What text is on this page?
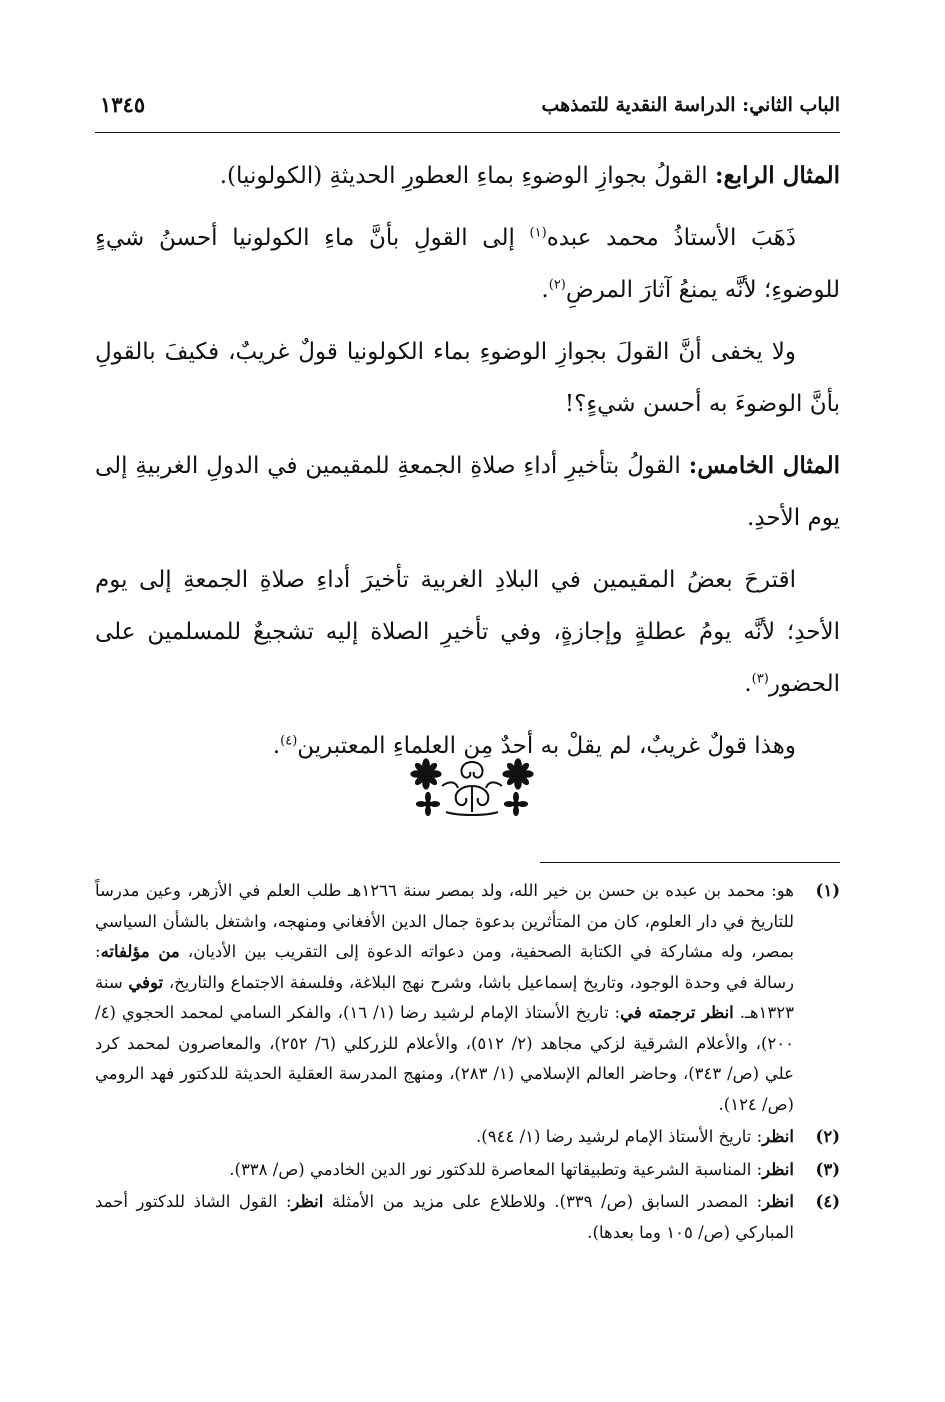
الباب الثاني: الدراسة النقدية للتمذهب
١٣٤٥

المثال الرابع: القولُ بجوازِ الوضوءِ بماءِ العطورِ الحديثةِ (الكولونيا).

ذَهَبَ الأستاذُ محمد عبده$^{(١)}$ إلى القولِ بأنَّ ماءِ الكولونيا أحسنُ شيءٍ للوضوءِ؛ لأنَّه يمنعُ آثارَ المرضِ$^{(٢)}$.

ولا يخفى أنَّ القولَ بجوازِ الوضوءِ بماء الكولونيا قولٌ غريبٌ، فكيفَ بالقولِ بأنَّ الوضوءَ به أحسن شيءٍ؟!

المثال الخامس: القولُ بتأخيرِ أداءِ صلاةِ الجمعةِ للمقيمين في الدولِ الغربيةِ إلى يوم الأحدِ.

اقترحَ بعضُ المقيمين في البلادِ الغربية تأخيرَ أداءِ صلاةِ الجمعةِ إلى يوم الأحدِ؛ لأنَّه يومُ عطلةٍ وإجازةٍ، وفي تأخيرِ الصلاة إليه تشجيعٌ للمسلمين على الحضور$^{(٣)}$.

وهذا قولٌ غريبٌ، لم يقلْ به أحدٌ مِن العلماءِ المعتبرين$^{(٤)}$.

(١)
هو: محمد بن عبده بن حسن بن خير الله، ولد بمصر سنة ١٢٦٦هـ طلب العلم في الأزهر، وعين مدرساً للتاريخ في دار العلوم، كان من المتأثرين بدعوة جمال الدين الأفغاني ومنهجه، واشتغل بالشأن السياسي بمصر، وله مشاركة في الكتابة الصحفية، ومن دعواته الدعوة إلى التقريب بين الأديان، من مؤلفاته: رسالة في وحدة الوجود، وتاريخ إسماعيل باشا، وشرح نهج البلاغة، وفلسفة الاجتماع والتاريخ، توفي سنة ١٣٢٣هـ. انظر ترجمته في: تاريخ الأستاذ الإمام لرشيد رضا (١/ ١٦)، والفكر السامي لمحمد الحجوي (٤/ ٢٠٠)، والأعلام الشرقية لزكي مجاهد (٢/ ٥١٢)، والأعلام للزركلي (٦/ ٢٥٢)، والمعاصرون لمحمد كرد علي (ص/ ٣٤٣)، وحاضر العالم الإسلامي (١/ ٢٨٣)، ومنهج المدرسة العقلية الحديثة للدكتور فهد الرومي (ص/ ١٢٤).
(٢)
انظر: تاريخ الأستاذ الإمام لرشيد رضا (١/ ٩٤٤).
(٣)
انظر: المناسبة الشرعية وتطبيقاتها المعاصرة للدكتور نور الدين الخادمي (ص/ ٣٣٨).
(٤)
انظر: المصدر السابق (ص/ ٣٣٩). وللاطلاع على مزيد من الأمثلة انظر: القول الشاذ للدكتور أحمد المباركي (ص/ ١٠٥ وما بعدها).
